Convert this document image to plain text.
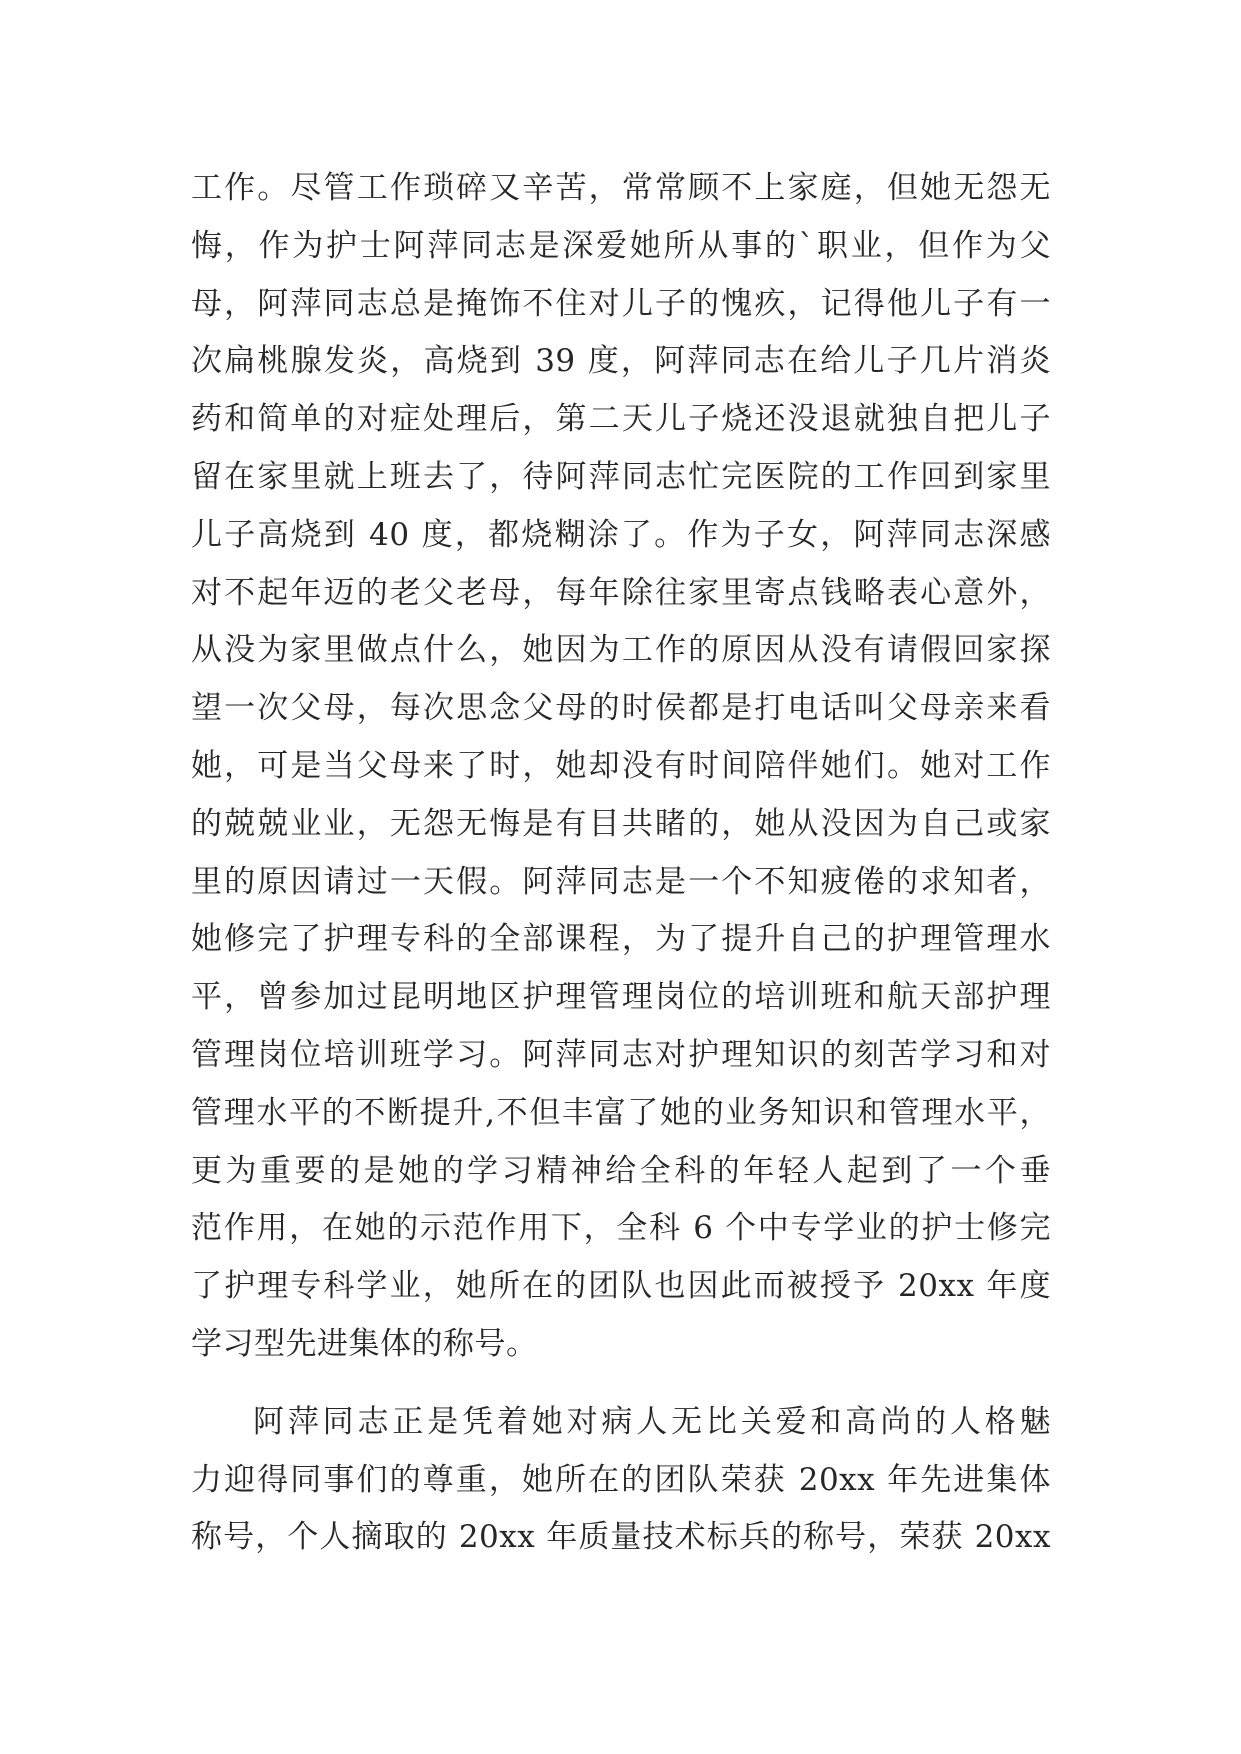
工作。尽管工作琐碎又辛苦，常常顾不上家庭，但她无怨无
悔，作为护士阿萍同志是深爱她所从事的`职业，但作为父
母，阿萍同志总是掩饰不住对儿子的愧疚，记得他儿子有一
次扁桃腺发炎，高烧到 39 度，阿萍同志在给儿子几片消炎
药和简单的对症处理后，第二天儿子烧还没退就独自把儿子
留在家里就上班去了，待阿萍同志忙完医院的工作回到家里
儿子高烧到 40 度，都烧糊涂了。作为子女，阿萍同志深感
对不起年迈的老父老母，每年除往家里寄点钱略表心意外，
从没为家里做点什么，她因为工作的原因从没有请假回家探
望一次父母，每次思念父母的时侯都是打电话叫父母亲来看
她，可是当父母来了时，她却没有时间陪伴她们。她对工作
的兢兢业业，无怨无悔是有目共睹的，她从没因为自己或家
里的原因请过一天假。阿萍同志是一个不知疲倦的求知者，
她修完了护理专科的全部课程，为了提升自己的护理管理水
平，曾参加过昆明地区护理管理岗位的培训班和航天部护理
管理岗位培训班学习。阿萍同志对护理知识的刻苦学习和对
管理水平的不断提升,不但丰富了她的业务知识和管理水平，
更为重要的是她的学习精神给全科的年轻人起到了一个垂
范作用，在她的示范作用下，全科 6 个中专学业的护士修完
了护理专科学业，她所在的团队也因此而被授予 20xx 年度
学习型先进集体的称号。
阿萍同志正是凭着她对病人无比关爱和高尚的人格魅
力迎得同事们的尊重，她所在的团队荣获 20xx 年先进集体
称号，个人摘取的 20xx 年质量技术标兵的称号，荣获 20xx
